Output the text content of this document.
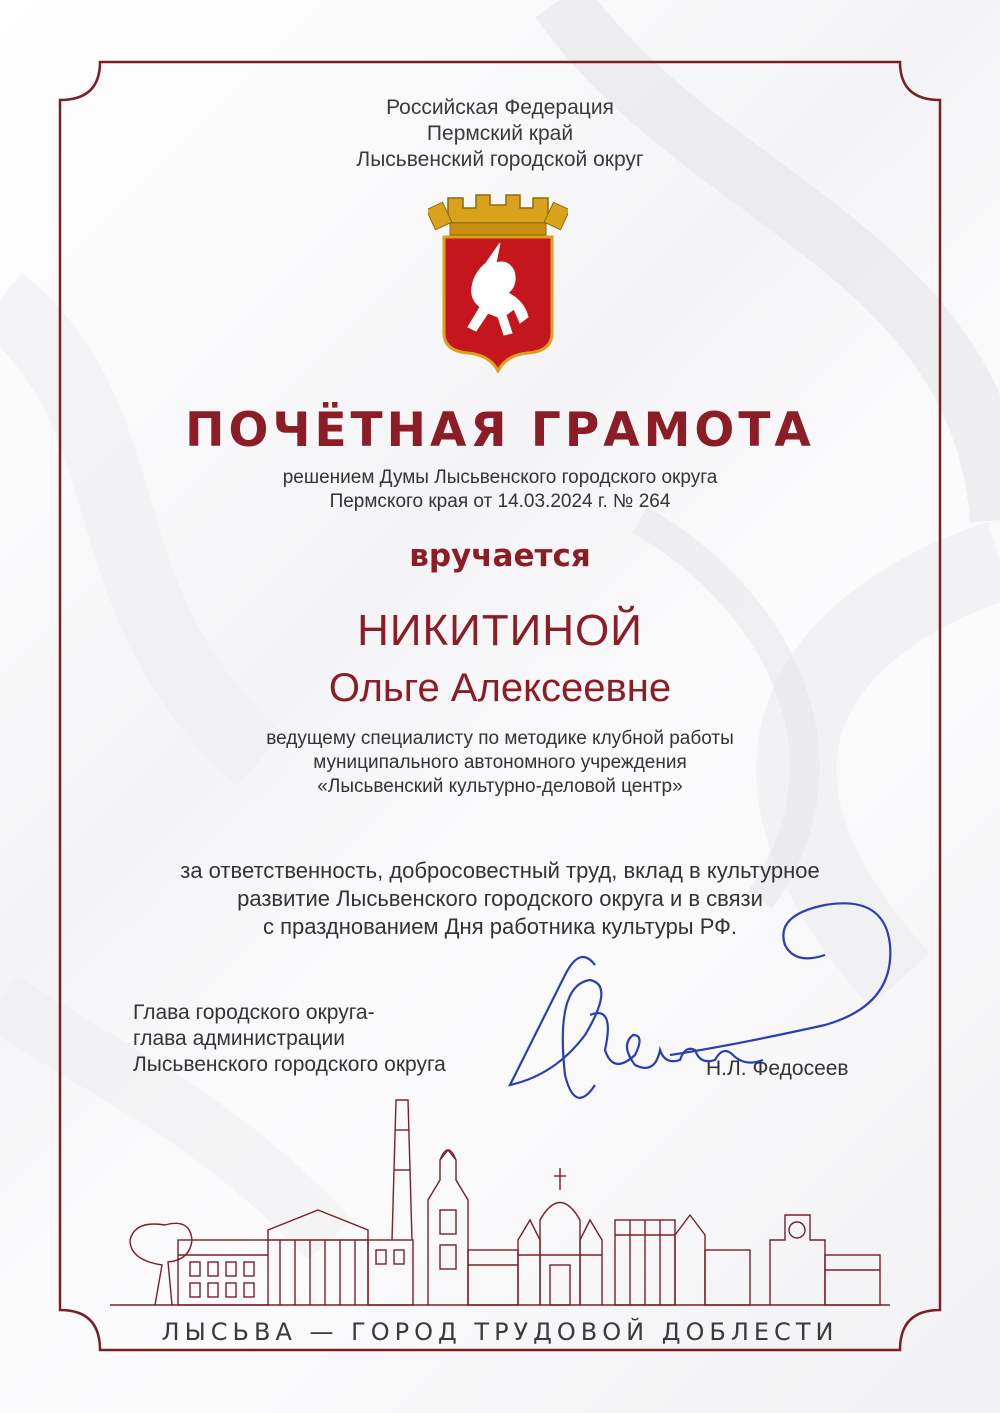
Российская Федерация
Пермский край
Лысьвенский городской округ
ПОЧЁТНАЯ ГРАМОТА
решением Думы Лысьвенского городского округа
Пермского края от 14.03.2024 г. № 264
вручается
НИКИТИНОЙ
Ольге Алексеевне
ведущему специалисту по методике клубной работы
муниципального автономного учреждения
«Лысьвенский культурно-деловой центр»
за ответственность, добросовестный труд, вклад в культурное
развитие Лысьвенского городского округа и в связи
с празднованием Дня работника культуры РФ.
Глава городского округа-
глава администрации
Лысьвенского городского округа	Н.Л. Федосеев
ЛЫСЬВА — ГОРОД ТРУДОВОЙ ДОБЛЕСТИ
